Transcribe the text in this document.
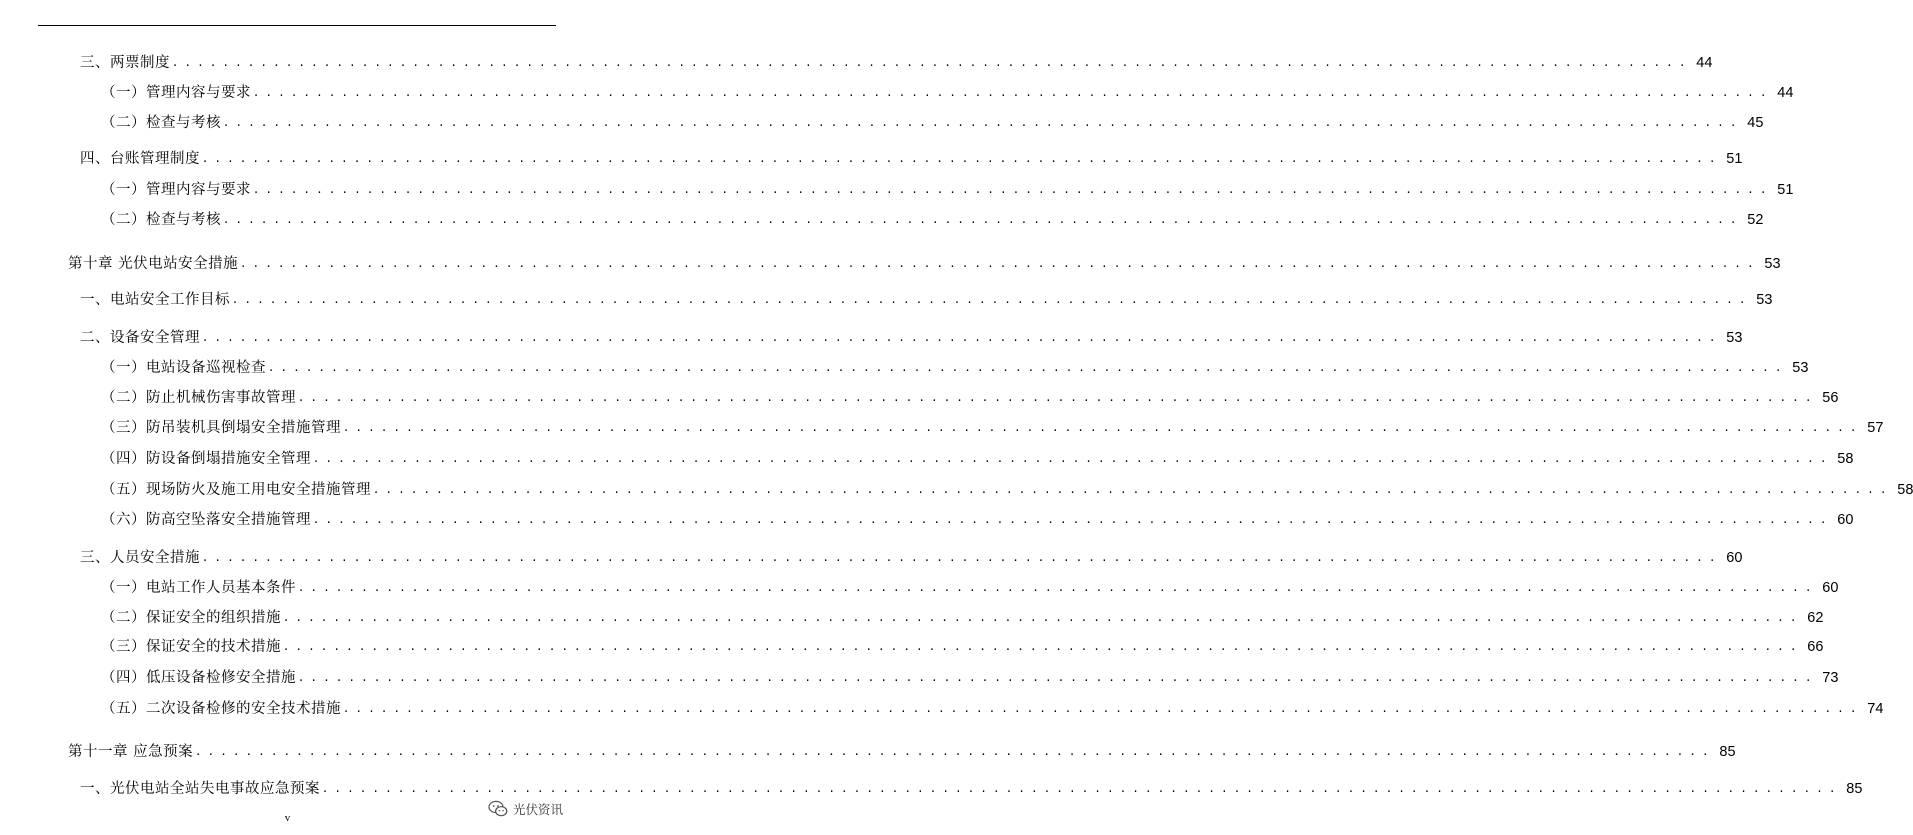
三、两票制度 . . . . . . . . . . . . . . . . . . . . . . . . . . . . . . . . . . . . . . . . . . . . . . . . . . . . . . . . . . . . . . . . . . . . . . . . . . . . . . . . . . . . . . . . . . . . . . . . . . . . . . . . . . . . . . . . . . . . . . . . 44
（一）管理内容与要求 . . . . . . . . . . . . . . . . . . . . . . . . . . . . . . . . . . . . . . . . . . . . . . . . . . . . . . . . . . . . . . . . . . . . . . . . . . . . . . . . . . . . . . . . . . . . . . . . . . . . . . . . . . . . . . . . . . . . . . . . 44
（二）检查与考核 . . . . . . . . . . . . . . . . . . . . . . . . . . . . . . . . . . . . . . . . . . . . . . . . . . . . . . . . . . . . . . . . . . . . . . . . . . . . . . . . . . . . . . . . . . . . . . . . . . . . . . . . . . . . . . . . . . . . . . . . 45
四、台账管理制度 . . . . . . . . . . . . . . . . . . . . . . . . . . . . . . . . . . . . . . . . . . . . . . . . . . . . . . . . . . . . . . . . . . . . . . . . . . . . . . . . . . . . . . . . . . . . . . . . . . . . . . . . . . . . . . . . . . . . . . . . 51
（一）管理内容与要求 . . . . . . . . . . . . . . . . . . . . . . . . . . . . . . . . . . . . . . . . . . . . . . . . . . . . . . . . . . . . . . . . . . . . . . . . . . . . . . . . . . . . . . . . . . . . . . . . . . . . . . . . . . . . . . . . . . . . . . . . 51
（二）检查与考核 . . . . . . . . . . . . . . . . . . . . . . . . . . . . . . . . . . . . . . . . . . . . . . . . . . . . . . . . . . . . . . . . . . . . . . . . . . . . . . . . . . . . . . . . . . . . . . . . . . . . . . . . . . . . . . . . . . . . . . . . 52
第十章 光伏电站安全措施 . . . . . . . . . . . . . . . . . . . . . . . . . . . . . . . . . . . . . . . . . . . . . . . . . . . . . . . . . . . . . . . . . . . . . . . . . . . . . . . . . . . . . . . . . . . . . . . . . . . . . . . . . . . . . . . . . . . . . . . . 53
一、电站安全工作目标 . . . . . . . . . . . . . . . . . . . . . . . . . . . . . . . . . . . . . . . . . . . . . . . . . . . . . . . . . . . . . . . . . . . . . . . . . . . . . . . . . . . . . . . . . . . . . . . . . . . . . . . . . . . . . . . . . . . . . . . . 53
二、设备安全管理 . . . . . . . . . . . . . . . . . . . . . . . . . . . . . . . . . . . . . . . . . . . . . . . . . . . . . . . . . . . . . . . . . . . . . . . . . . . . . . . . . . . . . . . . . . . . . . . . . . . . . . . . . . . . . . . . . . . . . . . . 53
（一）电站设备巡视检查 . . . . . . . . . . . . . . . . . . . . . . . . . . . . . . . . . . . . . . . . . . . . . . . . . . . . . . . . . . . . . . . . . . . . . . . . . . . . . . . . . . . . . . . . . . . . . . . . . . . . . . . . . . . . . . . . . . . . . . . . 53
（二）防止机械伤害事故管理 . . . . . . . . . . . . . . . . . . . . . . . . . . . . . . . . . . . . . . . . . . . . . . . . . . . . . . . . . . . . . . . . . . . . . . . . . . . . . . . . . . . . . . . . . . . . . . . . . . . . . . . . . . . . . . . . . . . . . . . . 56
（三）防吊装机具倒塌安全措施管理 . . . . . . . . . . . . . . . . . . . . . . . . . . . . . . . . . . . . . . . . . . . . . . . . . . . . . . . . . . . . . . . . . . . . . . . . . . . . . . . . . . . . . . . . . . . . . . . . . . . . . . . . . . . . . . . . . . . . . . . . 57
（四）防设备倒塌措施安全管理 . . . . . . . . . . . . . . . . . . . . . . . . . . . . . . . . . . . . . . . . . . . . . . . . . . . . . . . . . . . . . . . . . . . . . . . . . . . . . . . . . . . . . . . . . . . . . . . . . . . . . . . . . . . . . . . . . . . . . . . . 58
（五）现场防火及施工用电安全措施管理 . . . . . . . . . . . . . . . . . . . . . . . . . . . . . . . . . . . . . . . . . . . . . . . . . . . . . . . . . . . . . . . . . . . . . . . . . . . . . . . . . . . . . . . . . . . . . . . . . . . . . . . . . . . . . . . . . . . . . . . . 58
（六）防高空坠落安全措施管理 . . . . . . . . . . . . . . . . . . . . . . . . . . . . . . . . . . . . . . . . . . . . . . . . . . . . . . . . . . . . . . . . . . . . . . . . . . . . . . . . . . . . . . . . . . . . . . . . . . . . . . . . . . . . . . . . . . . . . . . . 60
三、人员安全措施 . . . . . . . . . . . . . . . . . . . . . . . . . . . . . . . . . . . . . . . . . . . . . . . . . . . . . . . . . . . . . . . . . . . . . . . . . . . . . . . . . . . . . . . . . . . . . . . . . . . . . . . . . . . . . . . . . . . . . . . . 60
（一）电站工作人员基本条件 . . . . . . . . . . . . . . . . . . . . . . . . . . . . . . . . . . . . . . . . . . . . . . . . . . . . . . . . . . . . . . . . . . . . . . . . . . . . . . . . . . . . . . . . . . . . . . . . . . . . . . . . . . . . . . . . . . . . . . . . 60
（二）保证安全的组织措施 . . . . . . . . . . . . . . . . . . . . . . . . . . . . . . . . . . . . . . . . . . . . . . . . . . . . . . . . . . . . . . . . . . . . . . . . . . . . . . . . . . . . . . . . . . . . . . . . . . . . . . . . . . . . . . . . . . . . . . . . 62
（三）保证安全的技术措施 . . . . . . . . . . . . . . . . . . . . . . . . . . . . . . . . . . . . . . . . . . . . . . . . . . . . . . . . . . . . . . . . . . . . . . . . . . . . . . . . . . . . . . . . . . . . . . . . . . . . . . . . . . . . . . . . . . . . . . . . 66
（四）低压设备检修安全措施 . . . . . . . . . . . . . . . . . . . . . . . . . . . . . . . . . . . . . . . . . . . . . . . . . . . . . . . . . . . . . . . . . . . . . . . . . . . . . . . . . . . . . . . . . . . . . . . . . . . . . . . . . . . . . . . . . . . . . . . . 73
（五）二次设备检修的安全技术措施 . . . . . . . . . . . . . . . . . . . . . . . . . . . . . . . . . . . . . . . . . . . . . . . . . . . . . . . . . . . . . . . . . . . . . . . . . . . . . . . . . . . . . . . . . . . . . . . . . . . . . . . . . . . . . . . . . . . . . . . . 74
第十一章 应急预案 . . . . . . . . . . . . . . . . . . . . . . . . . . . . . . . . . . . . . . . . . . . . . . . . . . . . . . . . . . . . . . . . . . . . . . . . . . . . . . . . . . . . . . . . . . . . . . . . . . . . . . . . . . . . . . . . . . . . . . . . 85
一、光伏电站全站失电事故应急预案 . . . . . . . . . . . . . . . . . . . . . . . . . . . . . . . . . . . . . . . . . . . . . . . . . . . . . . . . . . . . . . . . . . . . . . . . . . . . . . . . . . . . . . . . . . . . . . . . . . . . . . . . . . . . . . . . . . . . . . . . 85
v
光伏资讯
